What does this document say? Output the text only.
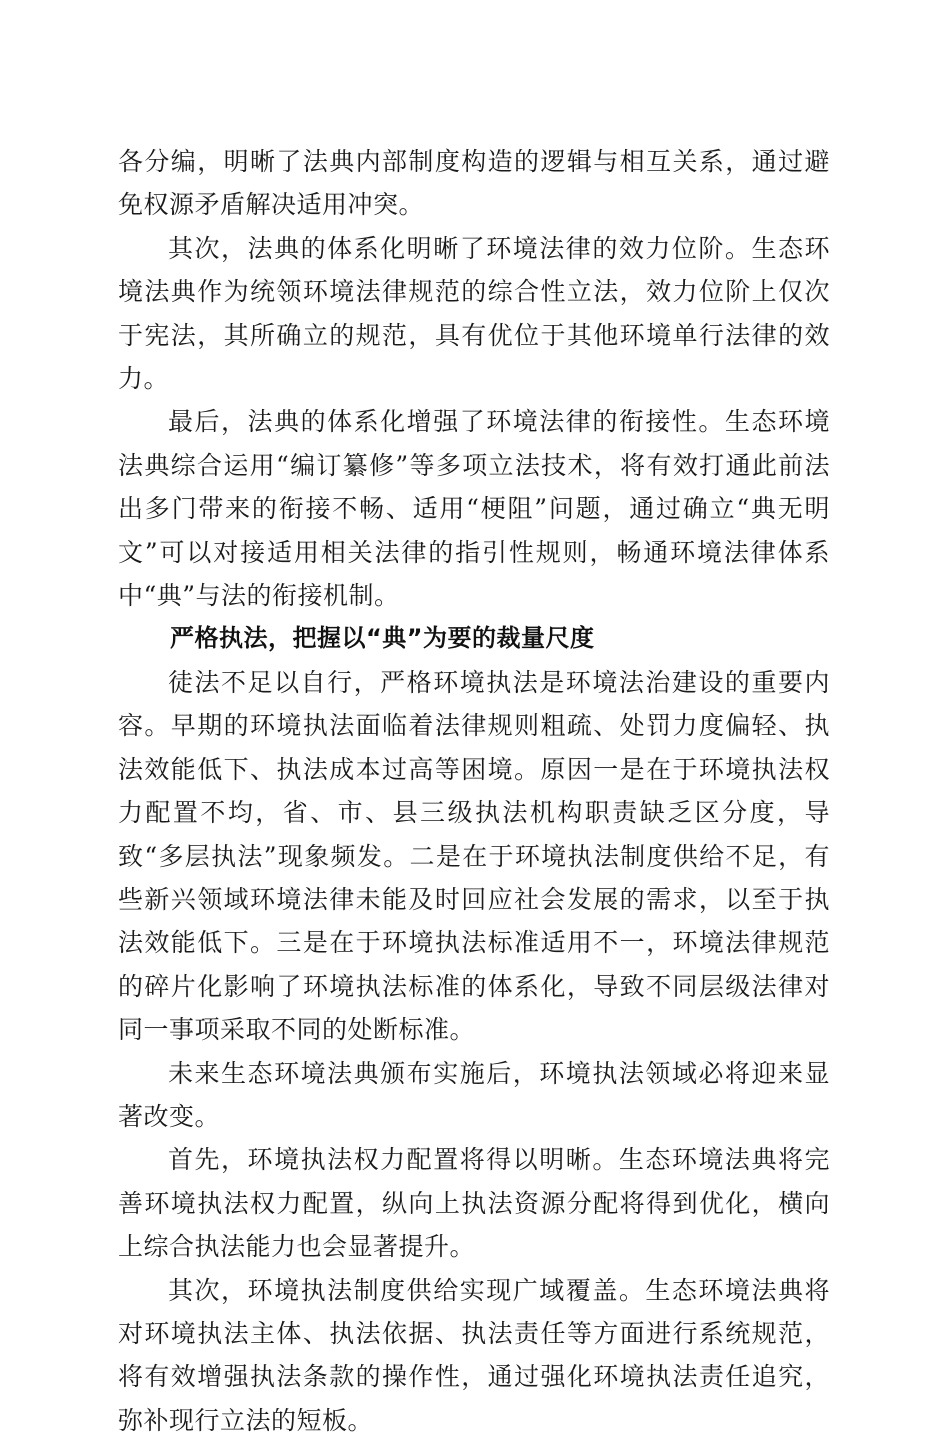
各分编，明晰了法典内部制度构造的逻辑与相互关系，通过避免权源矛盾解决适用冲突。

其次，法典的体系化明晰了环境法律的效力位阶。生态环境法典作为统领环境法律规范的综合性立法，效力位阶上仅次于宪法，其所确立的规范，具有优位于其他环境单行法律的效力。

最后，法典的体系化增强了环境法律的衔接性。生态环境法典综合运用“编订纂修”等多项立法技术，将有效打通此前法出多门带来的衔接不畅、适用“梗阻”问题，通过确立“典无明文”可以对接适用相关法律的指引性规则，畅通环境法律体系中“典”与法的衔接机制。

严格执法，把握以“典”为要的裁量尺度

徒法不足以自行，严格环境执法是环境法治建设的重要内容。早期的环境执法面临着法律规则粗疏、处罚力度偏轻、执法效能低下、执法成本过高等困境。原因一是在于环境执法权力配置不均，省、市、县三级执法机构职责缺乏区分度，导致“多层执法”现象频发。二是在于环境执法制度供给不足，有些新兴领域环境法律未能及时回应社会发展的需求，以至于执法效能低下。三是在于环境执法标准适用不一，环境法律规范的碎片化影响了环境执法标准的体系化，导致不同层级法律对同一事项采取不同的处断标准。

未来生态环境法典颁布实施后，环境执法领域必将迎来显著改变。

首先，环境执法权力配置将得以明晰。生态环境法典将完善环境执法权力配置，纵向上执法资源分配将得到优化，横向上综合执法能力也会显著提升。

其次，环境执法制度供给实现广域覆盖。生态环境法典将对环境执法主体、执法依据、执法责任等方面进行系统规范，将有效增强执法条款的操作性，通过强化环境执法责任追究，弥补现行立法的短板。
